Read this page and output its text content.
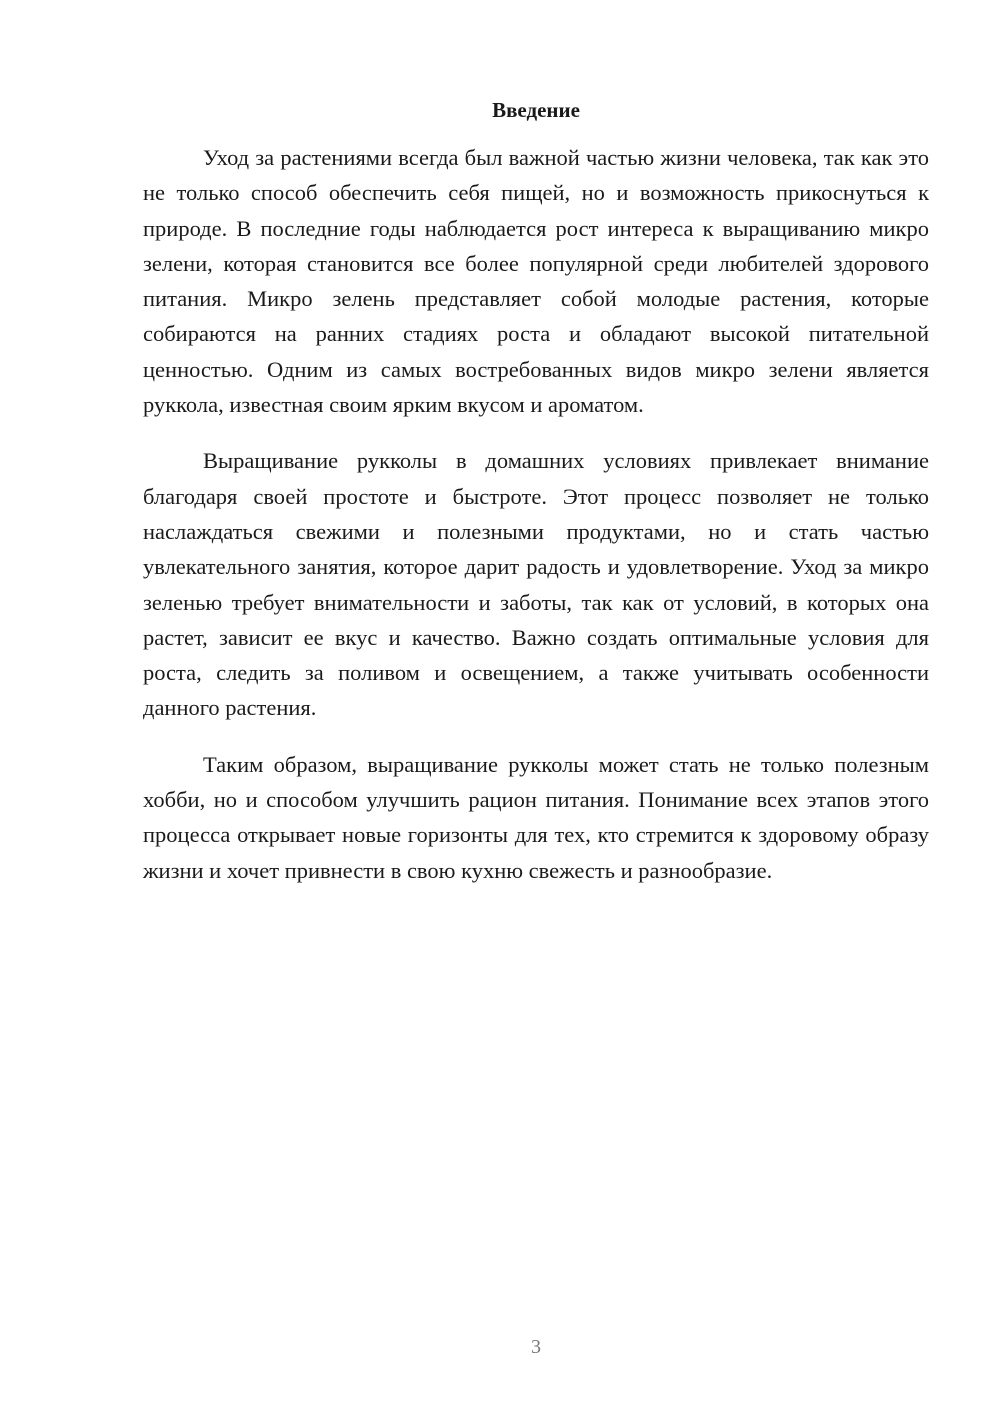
Введение

Уход за растениями всегда был важной частью жизни человека, так как это не только способ обеспечить себя пищей, но и возможность прикоснуться к природе. В последние годы наблюдается рост интереса к выращиванию микро зелени, которая становится все более популярной среди любителей здорового питания. Микро зелень представляет собой молодые растения, которые собираются на ранних стадиях роста и обладают высокой питательной ценностью. Одним из самых востребованных видов микро зелени является руккола, известная своим ярким вкусом и ароматом.

Выращивание рукколы в домашних условиях привлекает внимание благодаря своей простоте и быстроте. Этот процесс позволяет не только наслаждаться свежими и полезными продуктами, но и стать частью увлекательного занятия, которое дарит радость и удовлетворение. Уход за микро зеленью требует внимательности и заботы, так как от условий, в которых она растет, зависит ее вкус и качество. Важно создать оптимальные условия для роста, следить за поливом и освещением, а также учитывать особенности данного растения.

Таким образом, выращивание рукколы может стать не только полезным хобби, но и способом улучшить рацион питания. Понимание всех этапов этого процесса открывает новые горизонты для тех, кто стремится к здоровому образу жизни и хочет привнести в свою кухню свежесть и разнообразие.

3
